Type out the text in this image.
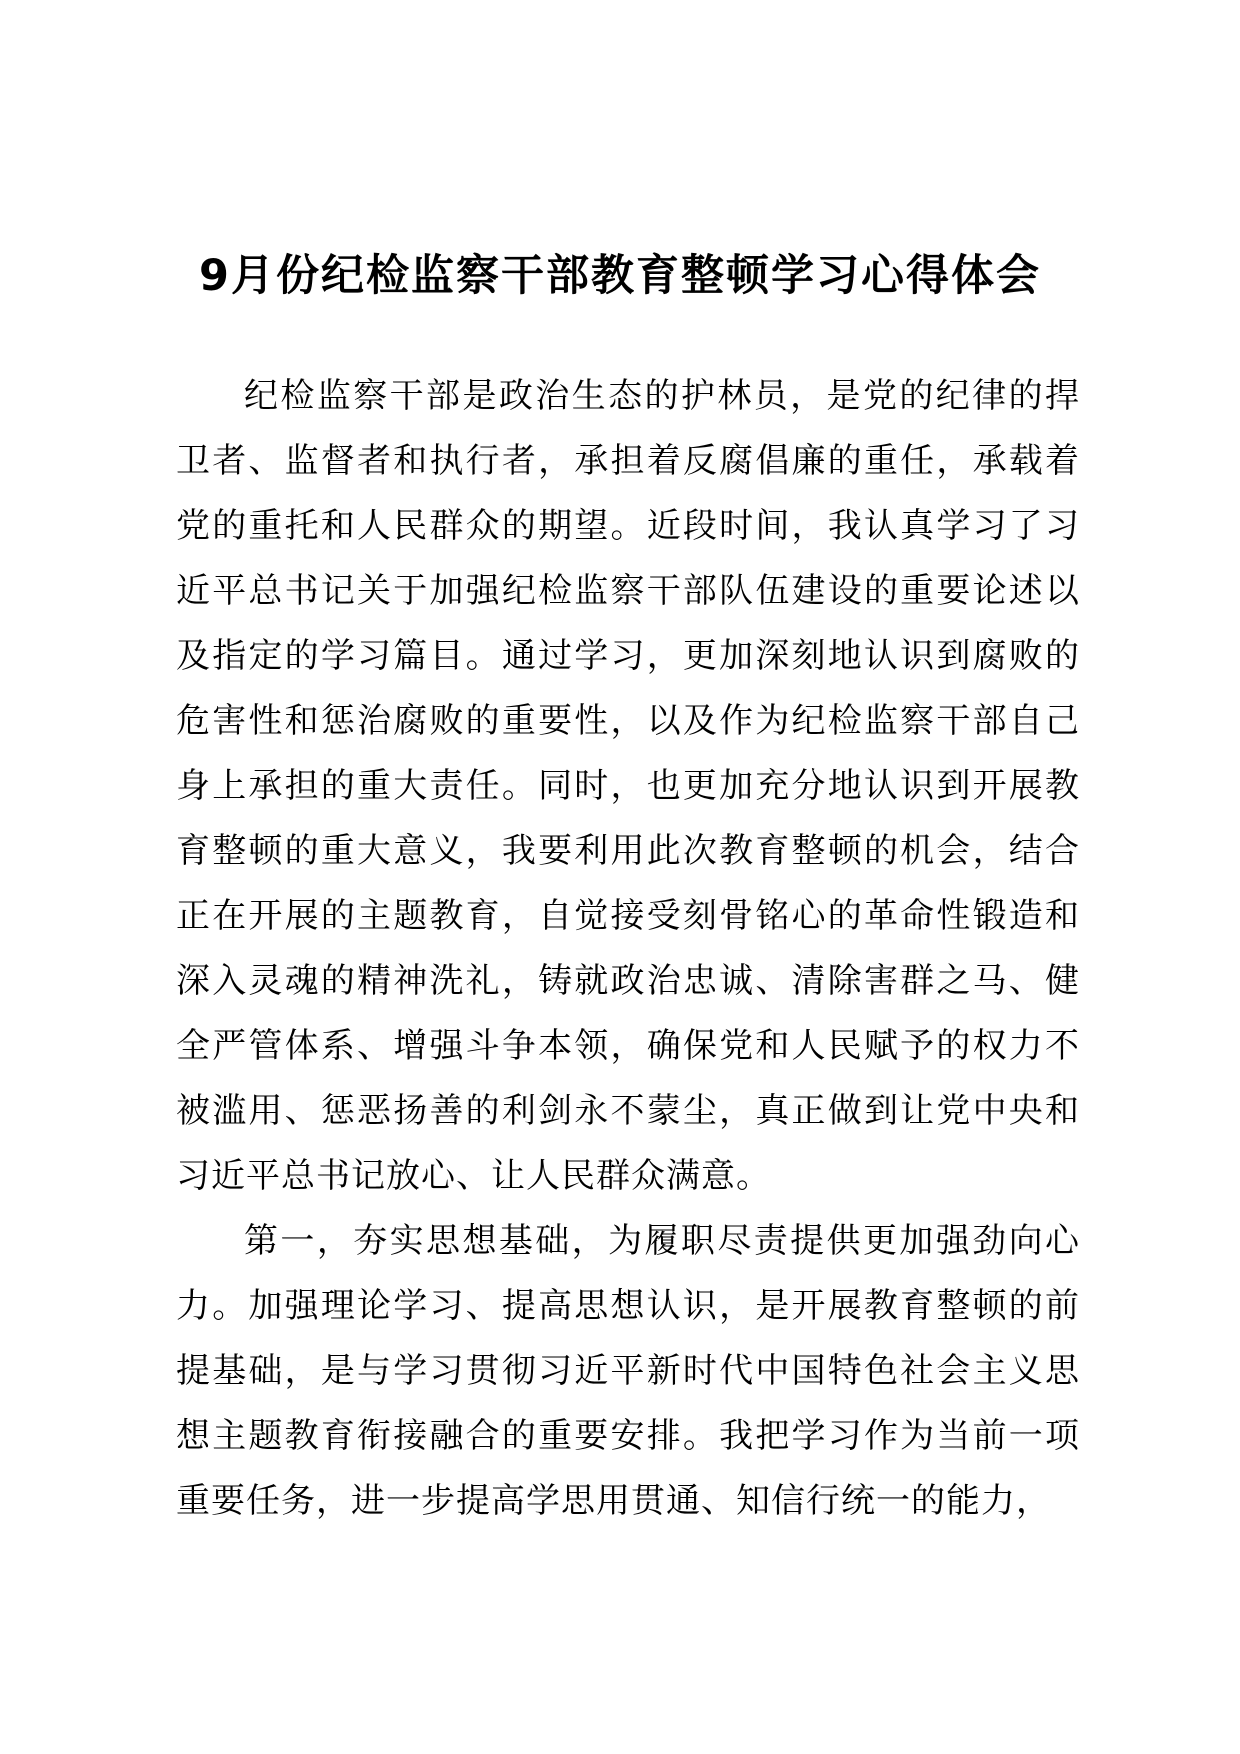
9月份纪检监察干部教育整顿学习心得体会

纪检监察干部是政治生态的护林员，是党的纪律的捍卫者、监督者和执行者，承担着反腐倡廉的重任，承载着党的重托和人民群众的期望。近段时间，我认真学习了习近平总书记关于加强纪检监察干部队伍建设的重要论述以及指定的学习篇目。通过学习，更加深刻地认识到腐败的危害性和惩治腐败的重要性，以及作为纪检监察干部自己身上承担的重大责任。同时，也更加充分地认识到开展教育整顿的重大意义，我要利用此次教育整顿的机会，结合正在开展的主题教育，自觉接受刻骨铭心的革命性锻造和深入灵魂的精神洗礼，铸就政治忠诚、清除害群之马、健全严管体系、增强斗争本领，确保党和人民赋予的权力不被滥用、惩恶扬善的利剑永不蒙尘，真正做到让党中央和习近平总书记放心、让人民群众满意。

第一，夯实思想基础，为履职尽责提供更加强劲向心力。加强理论学习、提高思想认识，是开展教育整顿的前提基础，是与学习贯彻习近平新时代中国特色社会主义思想主题教育衔接融合的重要安排。我把学习作为当前一项重要任务，进一步提高学思用贯通、知信行统一的能力，
